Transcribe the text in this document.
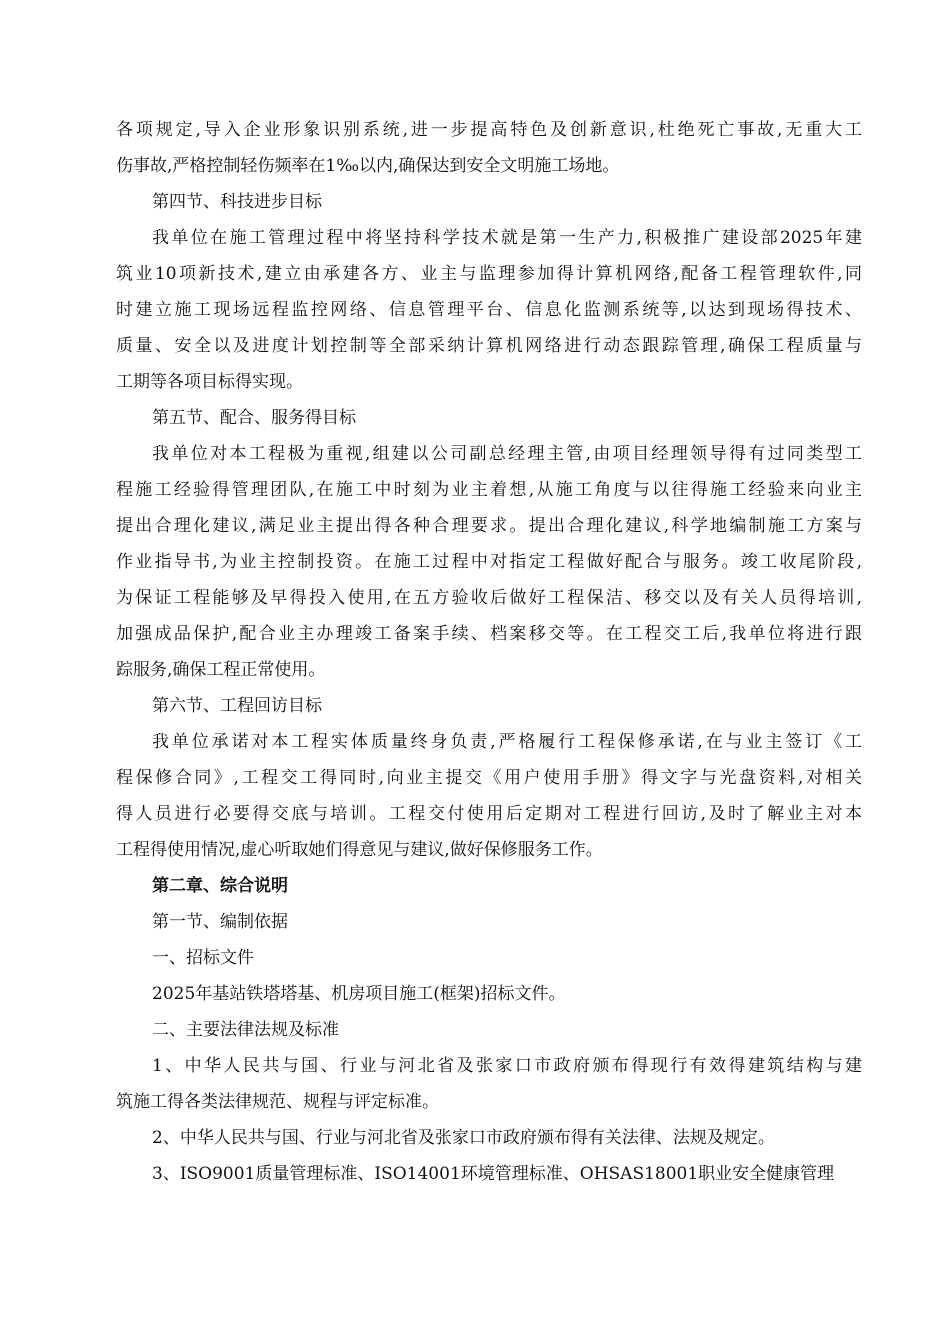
各项规定,导入企业形象识别系统,进一步提高特色及创新意识,杜绝死亡事故,无重大工
伤事故,严格控制轻伤频率在1‰以内,确保达到安全文明施工场地。
第四节、科技进步目标
我单位在施工管理过程中将坚持科学技术就是第一生产力,积极推广建设部2025年建
筑业10项新技术,建立由承建各方、业主与监理参加得计算机网络,配备工程管理软件,同
时建立施工现场远程监控网络、信息管理平台、信息化监测系统等,以达到现场得技术、
质量、安全以及进度计划控制等全部采纳计算机网络进行动态跟踪管理,确保工程质量与
工期等各项目标得实现。
第五节、配合、服务得目标
我单位对本工程极为重视,组建以公司副总经理主管,由项目经理领导得有过同类型工
程施工经验得管理团队,在施工中时刻为业主着想,从施工角度与以往得施工经验来向业主
提出合理化建议,满足业主提出得各种合理要求。提出合理化建议,科学地编制施工方案与
作业指导书,为业主控制投资。在施工过程中对指定工程做好配合与服务。竣工收尾阶段,
为保证工程能够及早得投入使用,在五方验收后做好工程保洁、移交以及有关人员得培训,
加强成品保护,配合业主办理竣工备案手续、档案移交等。在工程交工后,我单位将进行跟
踪服务,确保工程正常使用。
第六节、工程回访目标
我单位承诺对本工程实体质量终身负责,严格履行工程保修承诺,在与业主签订《工
程保修合同》,工程交工得同时,向业主提交《用户使用手册》得文字与光盘资料,对相关
得人员进行必要得交底与培训。工程交付使用后定期对工程进行回访,及时了解业主对本
工程得使用情况,虚心听取她们得意见与建议,做好保修服务工作。
第二章、综合说明
第一节、编制依据
一、招标文件
2025年基站铁塔塔基、机房项目施工(框架)招标文件。
二、主要法律法规及标准
1、中华人民共与国、行业与河北省及张家口市政府颁布得现行有效得建筑结构与建
筑施工得各类法律规范、规程与评定标准。
2、中华人民共与国、行业与河北省及张家口市政府颁布得有关法律、法规及规定。
3、ISO9001质量管理标准、ISO14001环境管理标准、OHSAS18001职业安全健康管理
